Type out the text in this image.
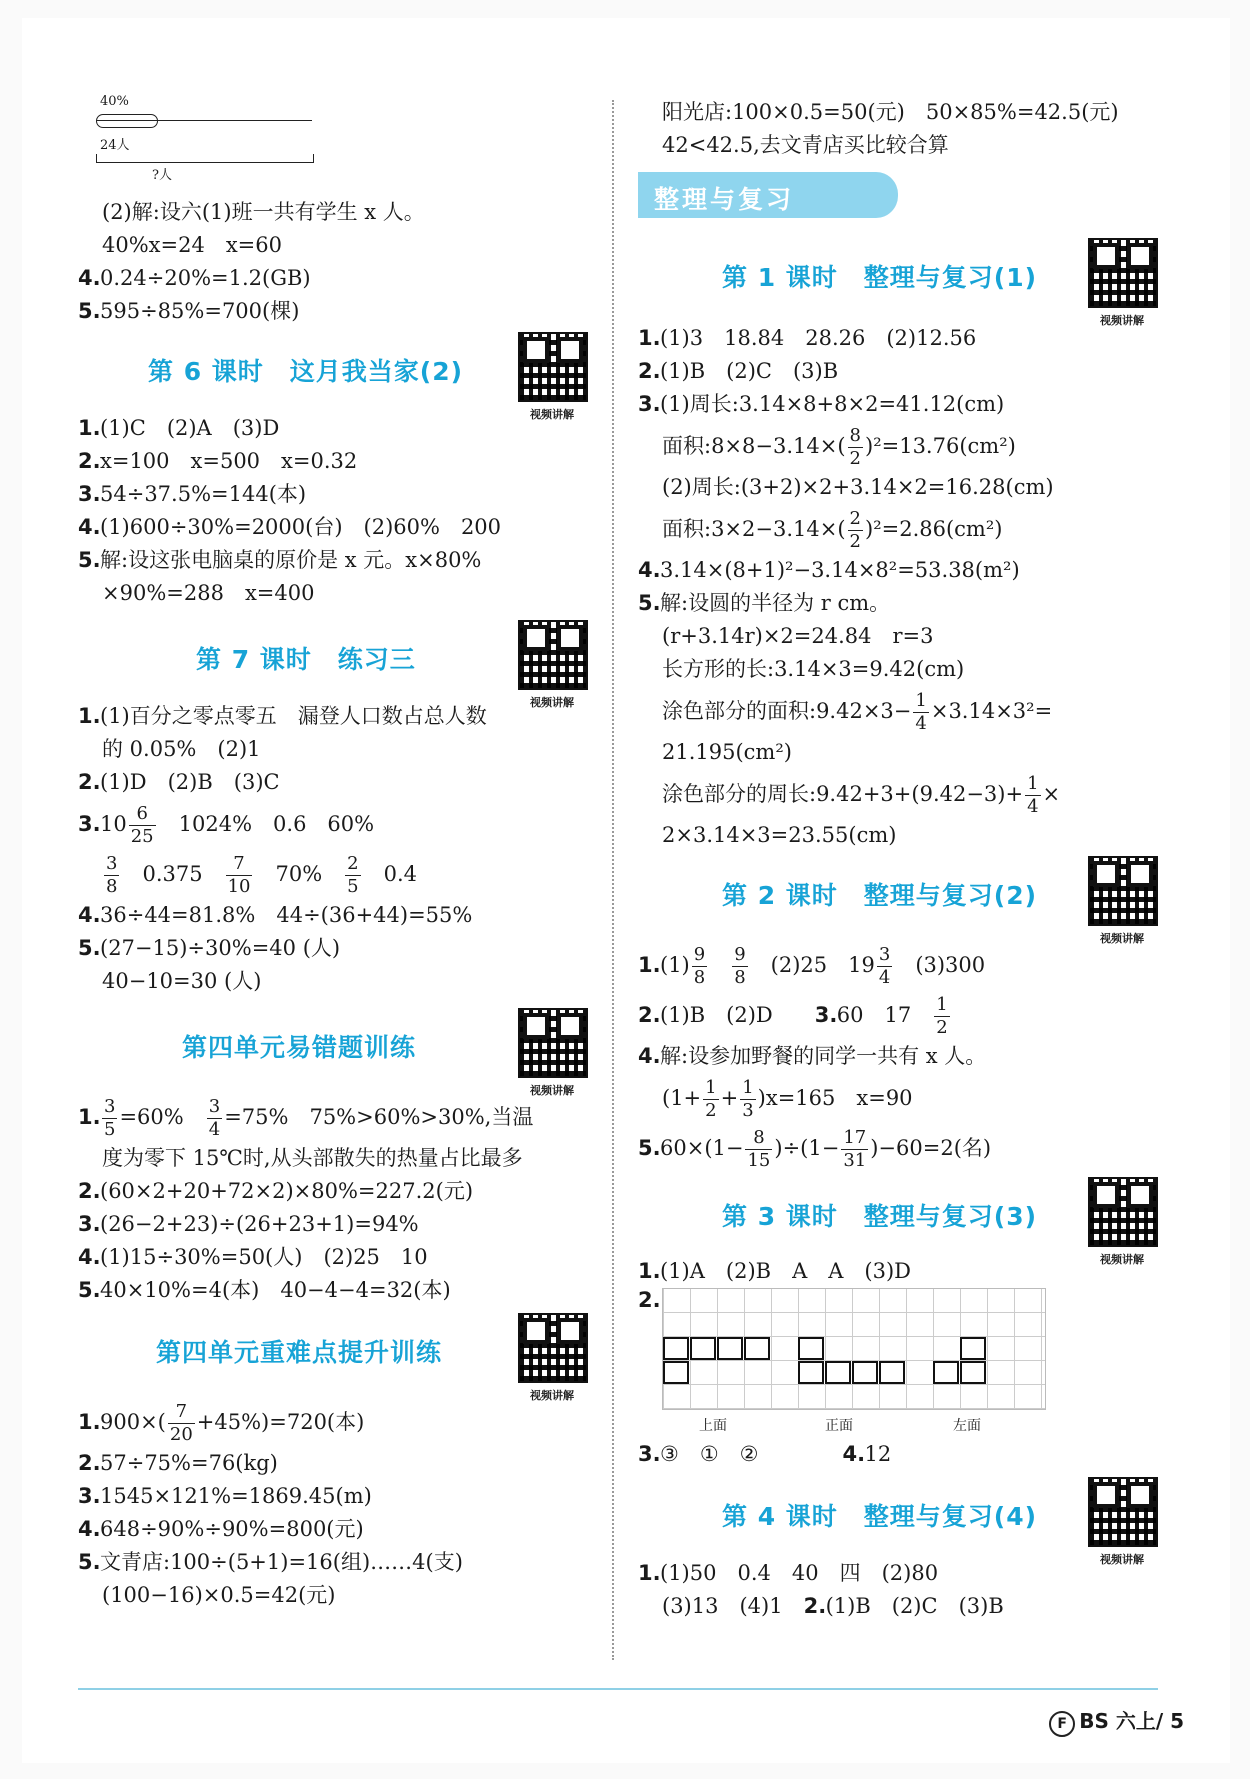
40%
24人
?人
(2)解:设六(1)班一共有学生 x 人。
40%x=24　x=60
4.0.24÷20%=1.2(GB)
5.595÷85%=700(棵)
第 6 课时　这月我当家(2)
视频讲解
1.(1)C　(2)A　(3)D
2.x=100　x=500　x=0.32
3.54÷37.5%=144(本)
4.(1)600÷30%=2000(台)　(2)60%　200
5.解:设这张电脑桌的原价是 x 元。x×80%
×90%=288　x=400
第 7 课时　练习三
视频讲解
1.(1)百分之零点零五　漏登人口数占总人数
的 0.05%　(2)1
2.(1)D　(2)B　(3)C
$3.10 \frac{6}{25}$
　 1024%　0.6　60%
$\frac{3}{8}$
　 0.375　 $\frac{7}{10}$
　 70%　 $\frac{2}{5}$
　 0.4
4.36÷44=81.8%　44÷(36+44)=55%
5.(27−15)÷30%=40 (人)
40−10=30 (人)
第四单元易错题训练
视频讲解
1. $\frac{3}{5} =60\%$　 $\frac{3}{4} =75\%$　75%>60%>30%,当温
度为零下 15℃时,从头部散失的热量占比最多
2.(60×2+20+72×2)×80%=227.2(元)
3.(26−2+23)÷(26+23+1)=94%
4.(1)15÷30%=50(人)　(2)25　10
5.40×10%=4(本)　40−4−4=32(本)
第四单元重难点提升训练
视频讲解
$1.900\times( \frac{7}{20} +45\%)=720$(本)
2.57÷75%=76(kg)
3.1545×121%=1869.45(m)
4.648÷90%÷90%=800(元)
5.文青店:100÷(5+1)=16(组)……4(支)
(100−16)×0.5=42(元)
阳光店:100×0.5=50(元)　50×85%=42.5(元)
42<42.5,去文青店买比较合算
整理与复习
第 1 课时　整理与复习(1)
视频讲解
1.(1)3　18.84　28.26　(2)12.56
2.(1)B　(2)C　(3)B
3.(1)周长:3.14×8+8×2=41.12(cm)
面积:8×8−3.14×( $\frac{8}{2} )^2=13.76(cm^2)$
(2)周长:(3+2)×2+3.14×2=16.28(cm)
面积:3×2−3.14×( $\frac{2}{2} )^2=2.86(cm^2)$
4.3.14×(8+1)²−3.14×8²=53.38(m²)
5.解:设圆的半径为 r cm。
(r+3.14r)×2=24.84　r=3
长方形的长:3.14×3=9.42(cm)
涂色部分的面积:9.42×3− $\frac{1}{4} \times 3.14\times 3^2=$
21.195(cm²)
涂色部分的周长:9.42+3+(9.42−3)+ $\frac{1}{4}$ ×
2×3.14×3=23.55(cm)
第 2 课时　整理与复习(2)
视频讲解
$1.(1) \frac{9}{8}$
　 $\frac{9}{8}$
　 (2)25　$19 \frac{3}{4}$
　 (3)300
2.(1)B　(2)D　　 3.60　17　 $\frac{1}{2}$
4.解:设参加野餐的同学一共有 x 人。
$(1+ \frac{1}{2} + \frac{1}{3} )x=165$　x=90
$5.60\times(1- \frac{8}{15} )\div(1- \frac{17}{31} )-60=2$(名)
第 3 课时　整理与复习(3)
视频讲解
1.(1)A　(2)B　A　A　(3)D
2.
上面	正面	左面
3.③　①　②　　　　	4.12
第 4 课时　整理与复习(4)
视频讲解
1.(1)50　0.4　40　四　(2)80
(3)13　(4)1　 2.(1)B　(2)C　(3)B
F BS 六上/ 5
